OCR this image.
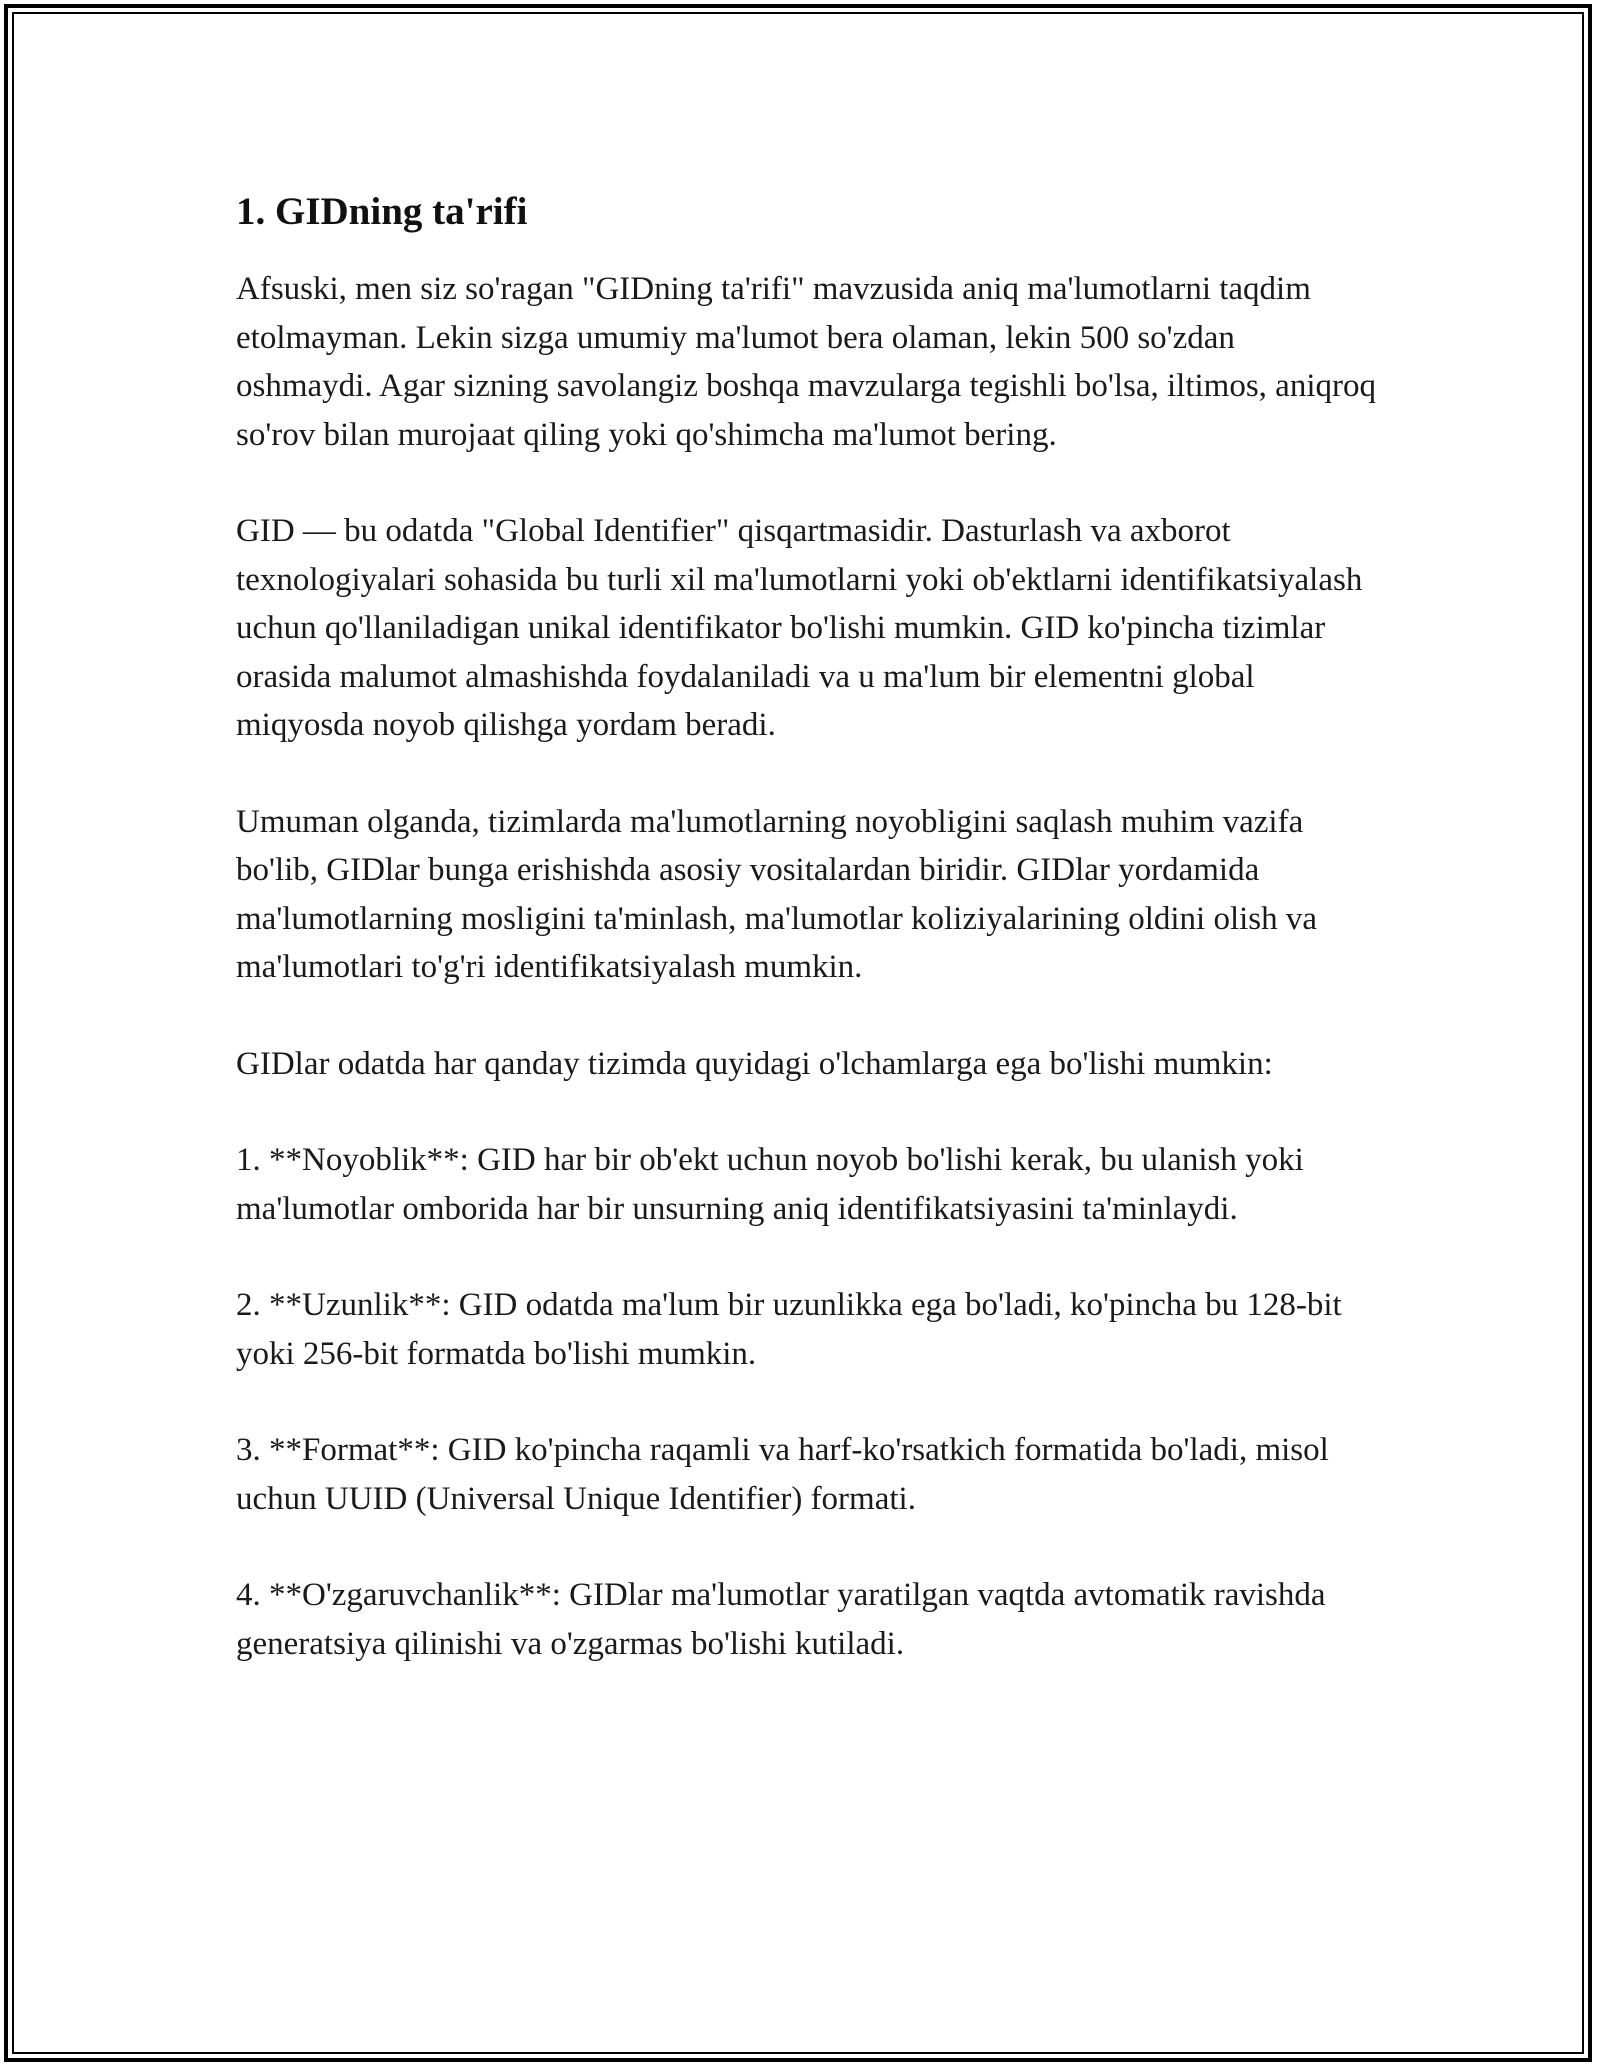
1. GIDning ta'rifi

Afsuski, men siz so'ragan "GIDning ta'rifi" mavzusida aniq ma'lumotlarni taqdim etolmayman. Lekin sizga umumiy ma'lumot bera olaman, lekin 500 so'zdan oshmaydi. Agar sizning savolangiz boshqa mavzularga tegishli bo'lsa, iltimos, aniqroq so'rov bilan murojaat qiling yoki qo'shimcha ma'lumot bering.

GID — bu odatda "Global Identifier" qisqartmasidir. Dasturlash va axborot texnologiyalari sohasida bu turli xil ma'lumotlarni yoki ob'ektlarni identifikatsiyalash uchun qo'llaniladigan unikal identifikator bo'lishi mumkin. GID ko'pincha tizimlar orasida malumot almashishda foydalaniladi va u ma'lum bir elementni global miqyosda noyob qilishga yordam beradi.

Umuman olganda, tizimlarda ma'lumotlarning noyobligini saqlash muhim vazifa bo'lib, GIDlar bunga erishishda asosiy vositalardan biridir. GIDlar yordamida ma'lumotlarning mosligini ta'minlash, ma'lumotlar koliziyalarining oldini olish va ma'lumotlari to'g'ri identifikatsiyalash mumkin.

GIDlar odatda har qanday tizimda quyidagi o'lchamlarga ega bo'lishi mumkin:

1. **Noyoblik**: GID har bir ob'ekt uchun noyob bo'lishi kerak, bu ulanish yoki ma'lumotlar omborida har bir unsurning aniq identifikatsiyasini ta'minlaydi.

2. **Uzunlik**: GID odatda ma'lum bir uzunlikka ega bo'ladi, ko'pincha bu 128-bit yoki 256-bit formatda bo'lishi mumkin.

3. **Format**: GID ko'pincha raqamli va harf-ko'rsatkich formatida bo'ladi, misol uchun UUID (Universal Unique Identifier) formati.

4. **O'zgaruvchanlik**: GIDlar ma'lumotlar yaratilgan vaqtda avtomatik ravishda generatsiya qilinishi va o'zgarmas bo'lishi kutiladi.
